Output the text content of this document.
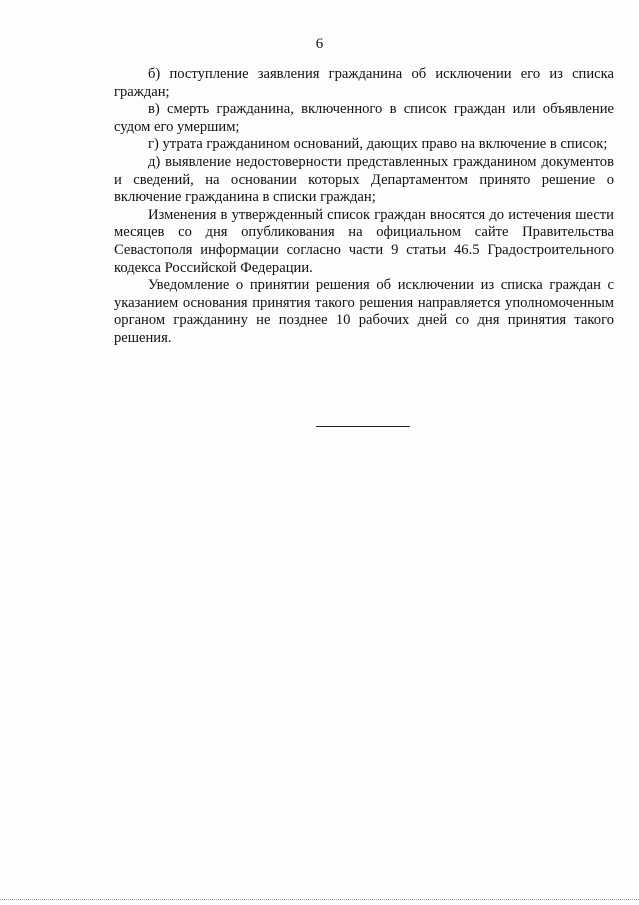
6

б) поступление заявления гражданина об исключении его из списка граждан;

в) смерть гражданина, включенного в список граждан или объявление судом его умершим;

г) утрата гражданином оснований, дающих право на включение в список;

д) выявление недостоверности представленных гражданином документов и сведений, на основании которых Департаментом принято решение о включение гражданина в списки граждан;

Изменения в утвержденный список граждан вносятся до истечения шести месяцев со дня опубликования на официальном сайте Правительства Севастополя информации согласно части 9 статьи 46.5 Градостроительного кодекса Российской Федерации.

Уведомление о принятии решения об исключении из списка граждан с указанием основания принятия такого решения направляется уполномоченным органом гражданину не позднее 10 рабочих дней со дня принятия такого решения.
